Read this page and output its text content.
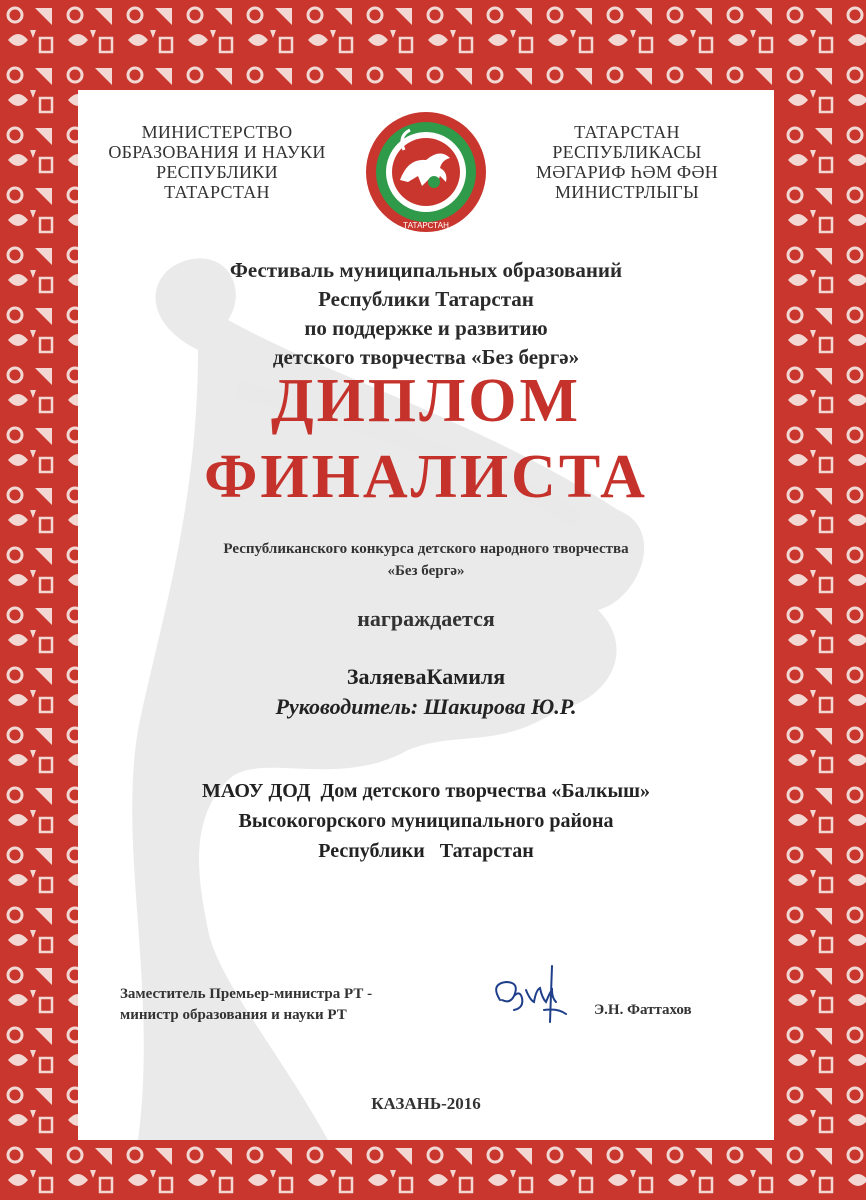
МИНИСТЕРСТВО
ОБРАЗОВАНИЯ И НАУКИ
РЕСПУБЛИКИ
ТАТАРСТАН
ТАТАРСТАН
ТАТАРСТАН
РЕСПУБЛИКАСЫ
МӘГАРИФ ҺӘМ ФӘН
МИНИСТРЛЫГЫ
Фестиваль муниципальных образований
Республики Татарстан
по поддержке и развитию
детского творчества «Без бергә»
ДИПЛОМ
ФИНАЛИСТА
Республиканского конкурса детского народного творчества
«Без бергә»
награждается
ЗаляеваКамиля
Руководитель: Шакирова Ю.Р.
МАОУ ДОД  Дом детского творчества «Балкыш»
Высокогорского муниципального района
Республики   Татарстан
Заместитель Премьер-министра РТ -
министр образования и науки РТ	Э.Н. Фаттахов
КАЗАНЬ-2016
